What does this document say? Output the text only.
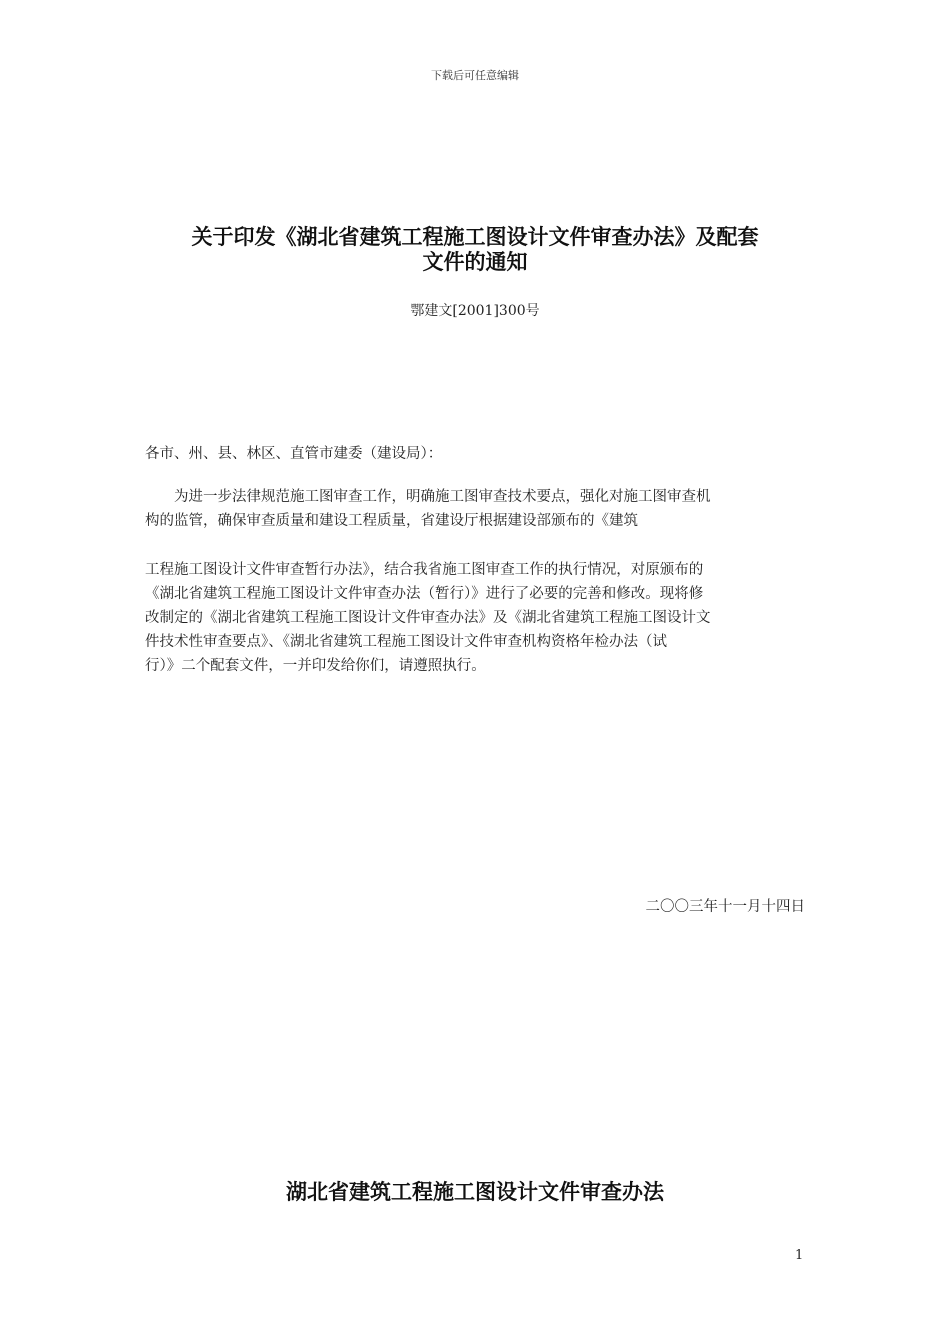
下载后可任意编辑
关于印发《湖北省建筑工程施工图设计文件审查办法》及配套
文件的通知
鄂建文[2001]300号
各市、州、县、林区、直管市建委（建设局）：
　　为进一步法律规范施工图审查工作，明确施工图审查技术要点，强化对施工图审查机
构的监管，确保审查质量和建设工程质量，省建设厅根据建设部颁布的《建筑
工程施工图设计文件审查暂行办法》，结合我省施工图审查工作的执行情况，对原颁布的
《湖北省建筑工程施工图设计文件审查办法（暂行）》进行了必要的完善和修改。现将修
改制定的《湖北省建筑工程施工图设计文件审查办法》及《湖北省建筑工程施工图设计文
件技术性审查要点》、《湖北省建筑工程施工图设计文件审查机构资格年检办法（试
行）》二个配套文件，一并印发给你们，请遵照执行。
二〇〇三年十一月十四日
湖北省建筑工程施工图设计文件审查办法
1
